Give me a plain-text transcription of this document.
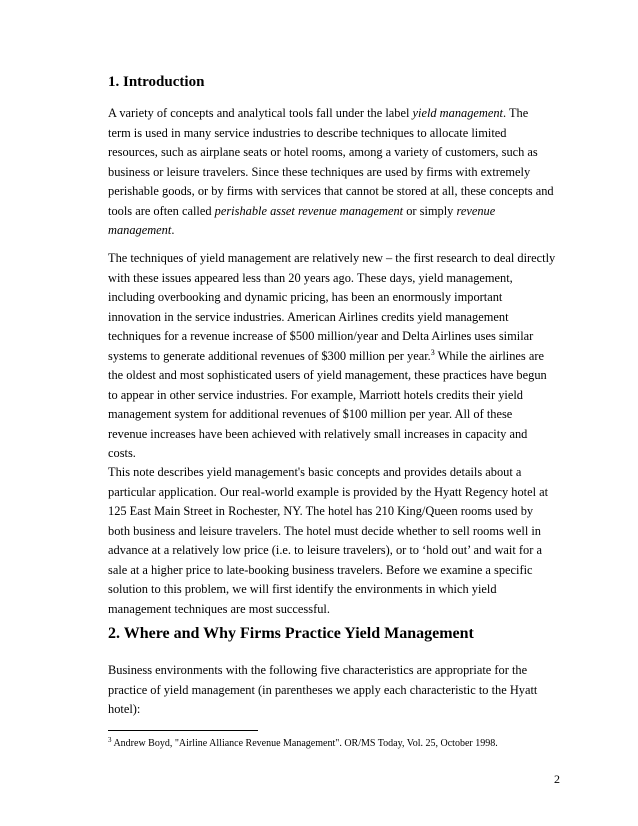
1. Introduction
A variety of concepts and analytical tools fall under the label yield management. The
term is used in many service industries to describe techniques to allocate limited
resources, such as airplane seats or hotel rooms, among a variety of customers, such as
business or leisure travelers. Since these techniques are used by firms with extremely
perishable goods, or by firms with services that cannot be stored at all, these concepts and
tools are often called perishable asset revenue management or simply revenue
management.
The techniques of yield management are relatively new – the first research to deal directly
with these issues appeared less than 20 years ago. These days, yield management,
including overbooking and dynamic pricing, has been an enormously important
innovation in the service industries. American Airlines credits yield management
techniques for a revenue increase of $500 million/year and Delta Airlines uses similar
systems to generate additional revenues of $300 million per year.$^3$ While the airlines are
the oldest and most sophisticated users of yield management, these practices have begun
to appear in other service industries. For example, Marriott hotels credits their yield
management system for additional revenues of $100 million per year. All of these
revenue increases have been achieved with relatively small increases in capacity and
costs.
This note describes yield management's basic concepts and provides details about a
particular application. Our real-world example is provided by the Hyatt Regency hotel at
125 East Main Street in Rochester, NY. The hotel has 210 King/Queen rooms used by
both business and leisure travelers. The hotel must decide whether to sell rooms well in
advance at a relatively low price (i.e. to leisure travelers), or to ‘hold out’ and wait for a
sale at a higher price to late-booking business travelers. Before we examine a specific
solution to this problem, we will first identify the environments in which yield
management techniques are most successful.
2. Where and Why Firms Practice Yield Management
Business environments with the following five characteristics are appropriate for the
practice of yield management (in parentheses we apply each characteristic to the Hyatt
hotel):
$^3$ Andrew Boyd, "Airline Alliance Revenue Management". OR/MS Today, Vol. 25, October 1998.
2
